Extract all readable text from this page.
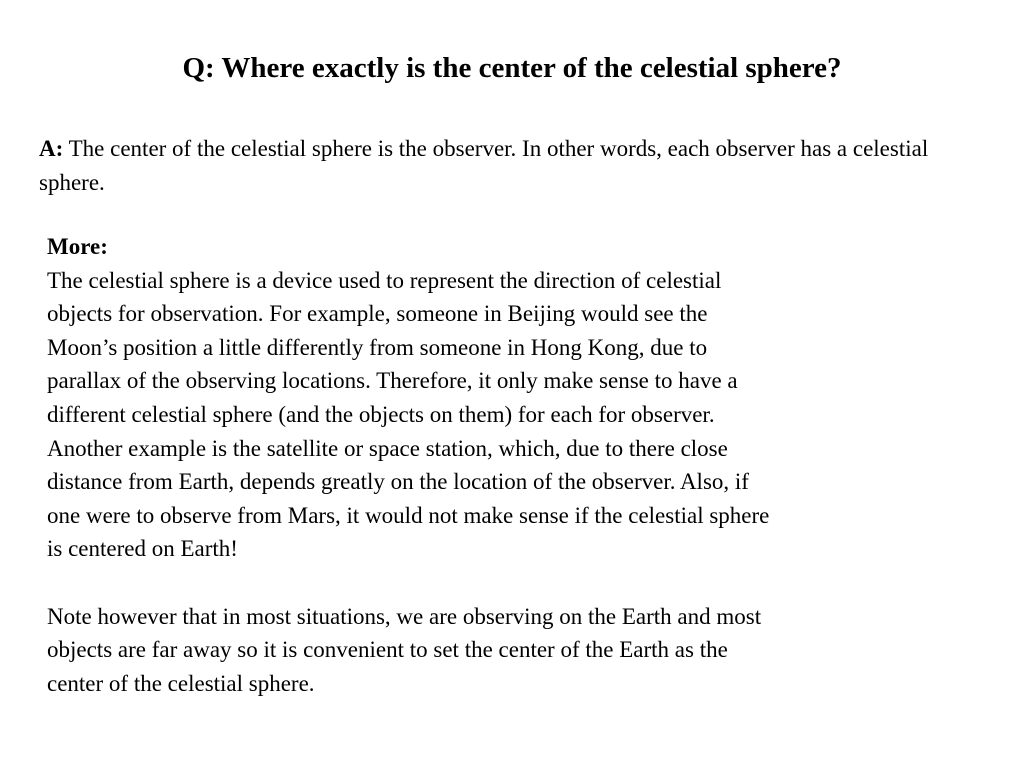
Q: Where exactly is the center of the celestial sphere?

A: The center of the celestial sphere is the observer. In other words, each observer has a celestial sphere.

More:
The celestial sphere is a device used to represent the direction of celestial
objects for observation. For example, someone in Beijing would see the
Moon’s position a little differently from someone in Hong Kong, due to
parallax of the observing locations. Therefore, it only make sense to have a
different celestial sphere (and the objects on them) for each for observer.
Another example is the satellite or space station, which, due to there close
distance from Earth, depends greatly on the location of the observer. Also, if
one were to observe from Mars, it would not make sense if the celestial sphere
is centered on Earth!
Note however that in most situations, we are observing on the Earth and most
objects are far away so it is convenient to set the center of the Earth as the
center of the celestial sphere.
